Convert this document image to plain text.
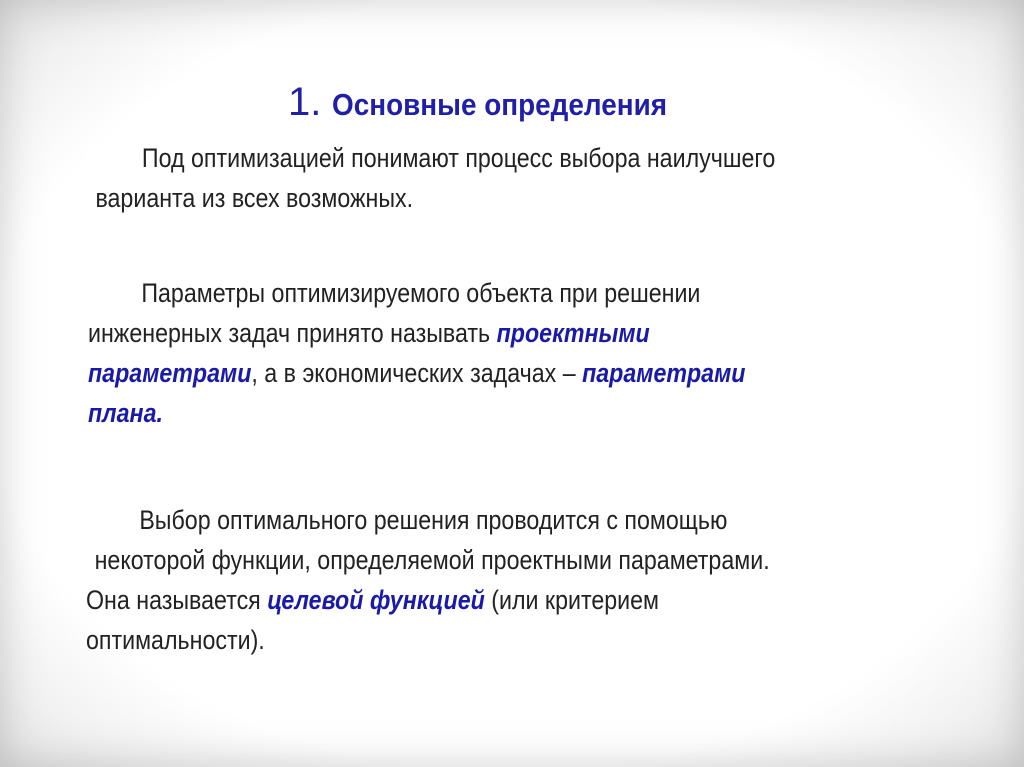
1. Основные определения
Под оптимизацией понимают процесс выбора наилучшего
варианта из всех возможных.
Параметры оптимизируемого объекта при решении
инженерных задач принято называть проектными
параметрами, а в экономических задачах – параметрами
плана.
Выбор оптимального решения проводится с помощью
некоторой функции, определяемой проектными параметрами.
Она называется целевой функцией (или критерием
оптимальности).
